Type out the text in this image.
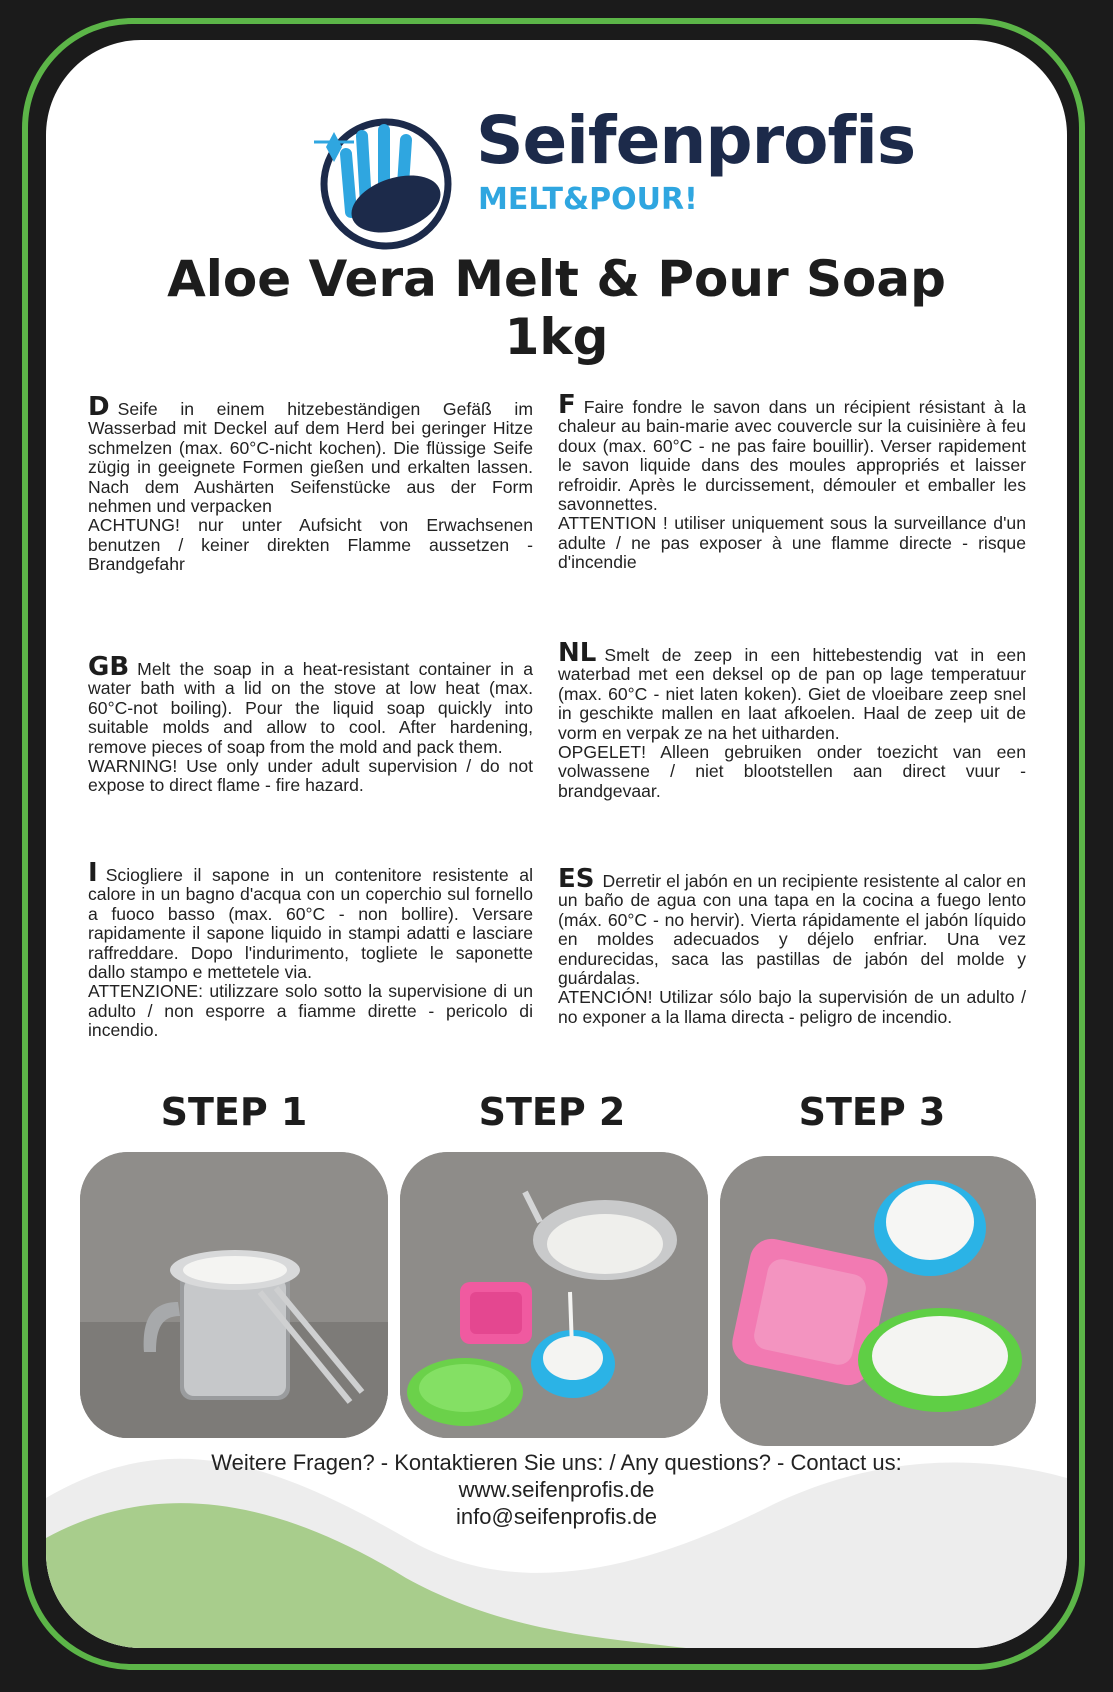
Seifenprofis
MELT&POUR!
Aloe Vera Melt & Pour Soap
1kg
D Seife in einem hitzebeständigen Gefäß im Wasserbad mit Deckel auf dem Herd bei geringer Hitze schmelzen (max. 60°C-nicht kochen). Die flüssige Seife zügig in geeignete Formen gießen und erkalten lassen. Nach dem Aushärten Seifenstücke aus der Form nehmen und verpacken
ACHTUNG! nur unter Aufsicht von Erwachsenen benutzen / keiner direkten Flamme aussetzen - Brandgefahr
F Faire fondre le savon dans un récipient résistant à la chaleur au bain-marie avec couvercle sur la cuisinière à feu doux (max. 60°C - ne pas faire bouillir). Verser rapidement le savon liquide dans des moules appropriés et laisser refroidir. Après le durcissement, démouler et emballer les savonnettes.
ATTENTION ! utiliser uniquement sous la surveillance d'un adulte / ne pas exposer à une flamme directe - risque d'incendie
GB Melt the soap in a heat-resistant container in a water bath with a lid on the stove at low heat (max. 60°C-not boiling). Pour the liquid soap quickly into suitable molds and allow to cool. After hardening, remove pieces of soap from the mold and pack them.
WARNING! Use only under adult supervision / do not expose to direct flame - fire hazard.
NL Smelt de zeep in een hittebestendig vat in een waterbad met een deksel op de pan op lage temperatuur (max. 60°C - niet laten koken). Giet de vloeibare zeep snel in geschikte mallen en laat afkoelen. Haal de zeep uit de vorm en verpak ze na het uitharden.
OPGELET! Alleen gebruiken onder toezicht van een volwassene / niet blootstellen aan direct vuur - brandgevaar.
I Sciogliere il sapone in un contenitore resistente al calore in un bagno d'acqua con un coperchio sul fornello a fuoco basso (max. 60°C - non bollire). Versare rapidamente il sapone liquido in stampi adatti e lasciare raffreddare. Dopo l'indurimento, togliete le saponette dallo stampo e mettetele via.
ATTENZIONE: utilizzare solo sotto la supervisione di un adulto / non esporre a fiamme dirette - pericolo di incendio.
ES Derretir el jabón en un recipiente resistente al calor en un baño de agua con una tapa en la cocina a fuego lento (máx. 60°C - no hervir). Vierta rápidamente el jabón líquido en moldes adecuados y déjelo enfriar. Una vez endurecidas, saca las pastillas de jabón del molde y guárdalas.
ATENCIÓN! Utilizar sólo bajo la supervisión de un adulto / no exponer a la llama directa - peligro de incendio.
STEP 1	STEP 2	STEP 3
Weitere Fragen? - Kontaktieren Sie uns: / Any questions? - Contact us:
www.seifenprofis.de
info@seifenprofis.de
